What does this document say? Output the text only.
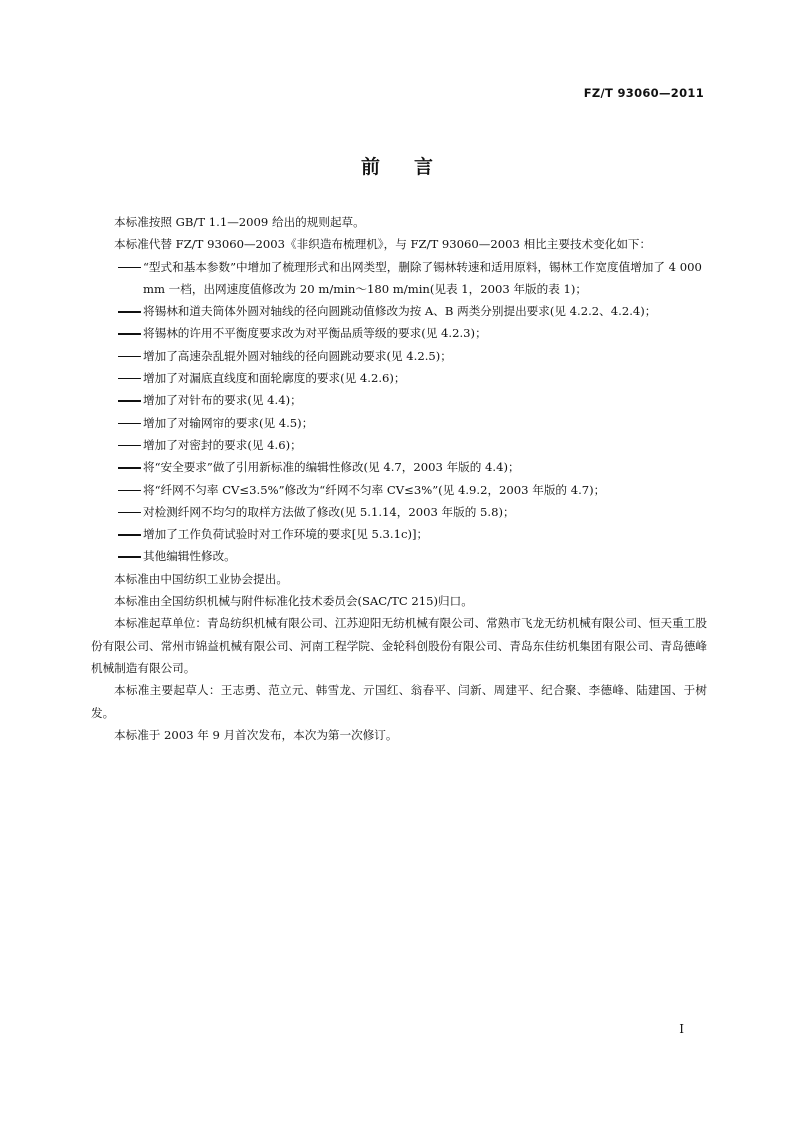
FZ/T 93060—2011
前言

本标准按照 GB/T 1.1—2009 给出的规则起草。

本标准代替 FZ/T 93060—2003《非织造布梳理机》，与 FZ/T 93060—2003 相比主要技术变化如下：

“型式和基本参数”中增加了梳理形式和出网类型，删除了锡林转速和适用原料，锡林工作宽度值增加了 4 000 mm 一档，出网速度值修改为 20 m/min～180 m/min(见表 1，2003 年版的表 1)；

将锡林和道夫筒体外圆对轴线的径向圆跳动值修改为按 A、B 两类分别提出要求(见 4.2.2、4.2.4)；

将锡林的许用不平衡度要求改为对平衡品质等级的要求(见 4.2.3)；

增加了高速杂乱辊外圆对轴线的径向圆跳动要求(见 4.2.5)；

增加了对漏底直线度和面轮廓度的要求(见 4.2.6)；

增加了对针布的要求(见 4.4)；

增加了对输网帘的要求(见 4.5)；

增加了对密封的要求(见 4.6)；

将“安全要求”做了引用新标准的编辑性修改(见 4.7，2003 年版的 4.4)；

将“纤网不匀率 CV≤3.5%”修改为“纤网不匀率 CV≤3%”(见 4.9.2，2003 年版的 4.7)；

对检测纤网不均匀的取样方法做了修改(见 5.1.14，2003 年版的 5.8)；

增加了工作负荷试验时对工作环境的要求[见 5.3.1c)]；

其他编辑性修改。

本标准由中国纺织工业协会提出。

本标准由全国纺织机械与附件标准化技术委员会(SAC/TC 215)归口。

本标准起草单位：青岛纺织机械有限公司、江苏迎阳无纺机械有限公司、常熟市飞龙无纺机械有限公司、恒天重工股份有限公司、常州市锦益机械有限公司、河南工程学院、金轮科创股份有限公司、青岛东佳纺机集团有限公司、青岛德峰机械制造有限公司。

本标准主要起草人：王志勇、范立元、韩雪龙、亓国红、翁春平、闫新、周建平、纪合聚、李德峰、陆建国、于树发。

本标准于 2003 年 9 月首次发布，本次为第一次修订。

I
